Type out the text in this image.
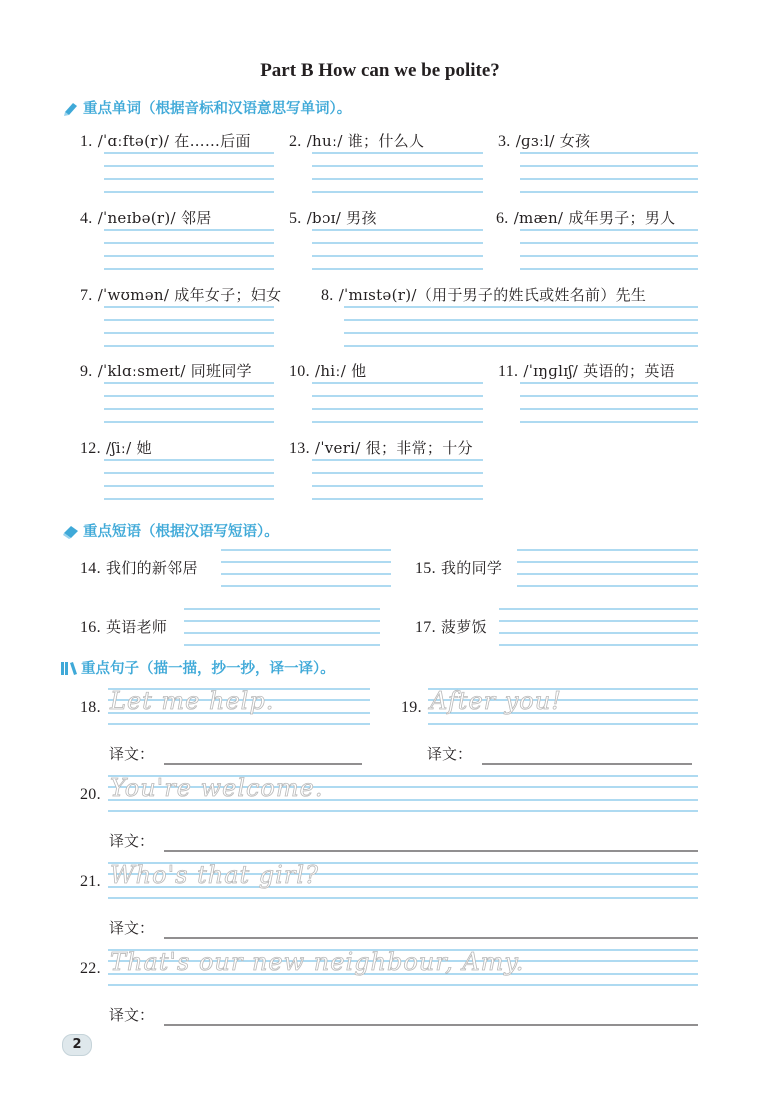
Part B How can we be polite?
重点单词（根据音标和汉语意思写单词）。
1. /ˈɑːftə(r)/ 在……后面 2. /huː/ 谁；什么人	3. /ɡɜːl/ 女孩
4. /ˈneɪbə(r)/ 邻居	5. /bɔɪ/ 男孩	6. /mæn/ 成年男子；男人
7. /ˈwʊmən/ 成年女子；妇女 8. /ˈmɪstə(r)/（用于男子的姓氏或姓名前）先生
9. /ˈklɑːsmeɪt/ 同班同学 10. /hiː/ 他	11. /ˈɪŋɡlɪʃ/ 英语的；英语
12. /ʃiː/ 她	13. /ˈveri/ 很；非常；十分
重点短语（根据汉语写短语）。
14. 我们的新邻居	15. 我的同学
16. 英语老师	17. 菠萝饭
重点句子（描一描，抄一抄，译一译）。
18. Let me help.	19. After you!
译文：	译文：
20. You're welcome.
译文：
21. Who's that girl?
译文：
22. That's our new neighbour, Amy.
译文：
2
